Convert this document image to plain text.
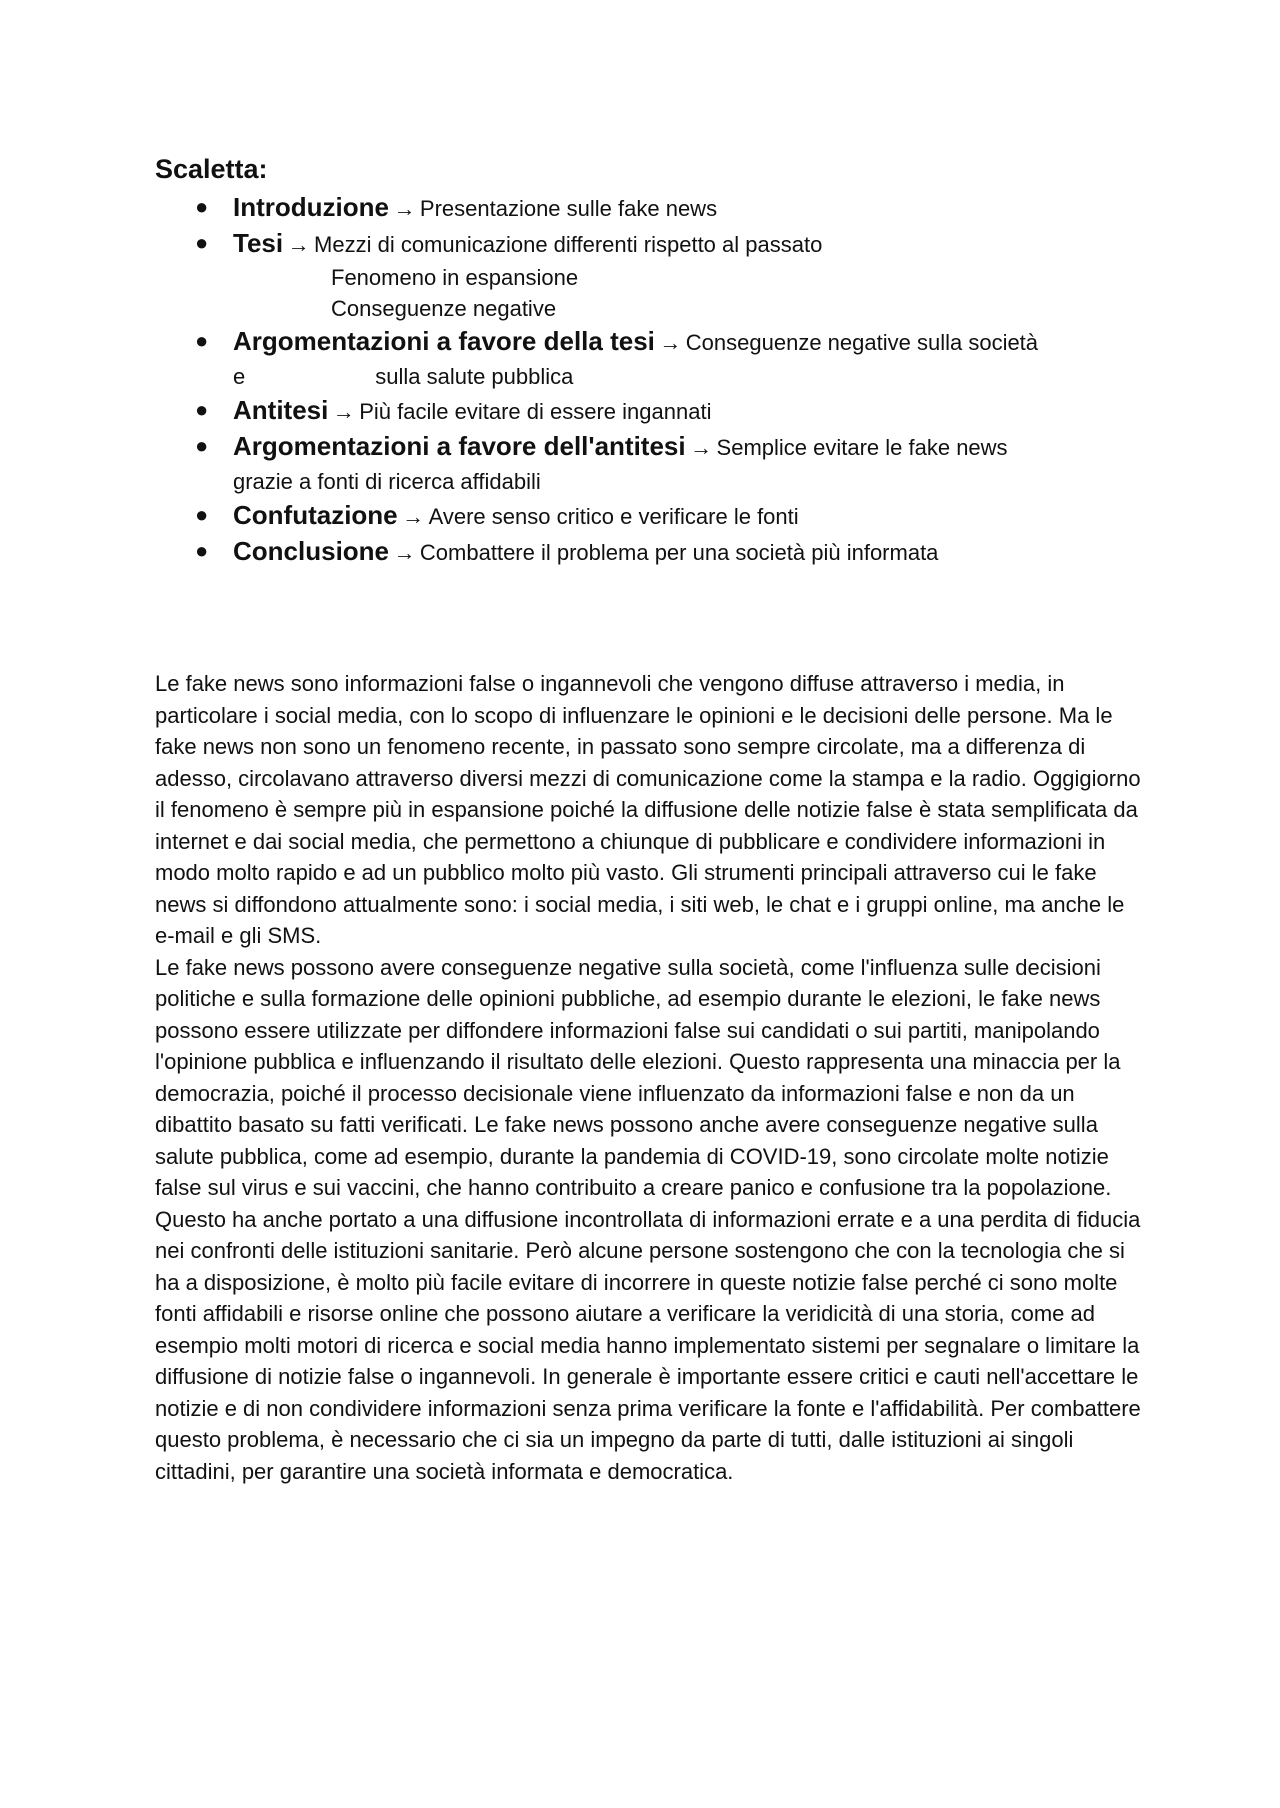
Scaletta:
● Introduzione → Presentazione sulle fake news
● Tesi → Mezzi di comunicazione differenti rispetto al passato
Fenomeno in espansione
Conseguenze negative
● Argomentazioni a favore della tesi → Conseguenze negative sulla società
e	sulla salute pubblica
● Antitesi → Più facile evitare di essere ingannati
● Argomentazioni a favore dell'antitesi → Semplice evitare le fake news
grazie a fonti di ricerca affidabili
● Confutazione → Avere senso critico e verificare le fonti
● Conclusione → Combattere il problema per una società più informata

Le fake news sono informazioni false o ingannevoli che vengono diffuse attraverso i media, in particolare i social media, con lo scopo di influenzare le opinioni e le decisioni delle persone. Ma le fake news non sono un fenomeno recente, in passato sono sempre circolate, ma a differenza di adesso, circolavano attraverso diversi mezzi di comunicazione come la stampa e la radio. Oggigiorno il fenomeno è sempre più in espansione poiché la diffusione delle notizie false è stata semplificata da internet e dai social media, che permettono a chiunque di pubblicare e condividere informazioni in modo molto rapido e ad un pubblico molto più vasto. Gli strumenti principali attraverso cui le fake news si diffondono attualmente sono: i social media, i siti web, le chat e i gruppi online, ma anche le e-mail e gli SMS.

Le fake news possono avere conseguenze negative sulla società, come l'influenza sulle decisioni politiche e sulla formazione delle opinioni pubbliche, ad esempio durante le elezioni, le fake news possono essere utilizzate per diffondere informazioni false sui candidati o sui partiti, manipolando l'opinione pubblica e influenzando il risultato delle elezioni. Questo rappresenta una minaccia per la democrazia, poiché il processo decisionale viene influenzato da informazioni false e non da un dibattito basato su fatti verificati. Le fake news possono anche avere conseguenze negative sulla salute pubblica, come ad esempio, durante la pandemia di COVID-19, sono circolate molte notizie false sul virus e sui vaccini, che hanno contribuito a creare panico e confusione tra la popolazione. Questo ha anche portato a una diffusione incontrollata di informazioni errate e a una perdita di fiducia nei confronti delle istituzioni sanitarie. Però alcune persone sostengono che con la tecnologia che si ha a disposizione, è molto più facile evitare di incorrere in queste notizie false perché ci sono molte fonti affidabili e risorse online che possono aiutare a verificare la veridicità di una storia, come ad esempio molti motori di ricerca e social media hanno implementato sistemi per segnalare o limitare la diffusione di notizie false o ingannevoli. In generale è importante essere critici e cauti nell'accettare le notizie e di non condividere informazioni senza prima verificare la fonte e l'affidabilità. Per combattere questo problema, è necessario che ci sia un impegno da parte di tutti, dalle istituzioni ai singoli cittadini, per garantire una società informata e democratica.
